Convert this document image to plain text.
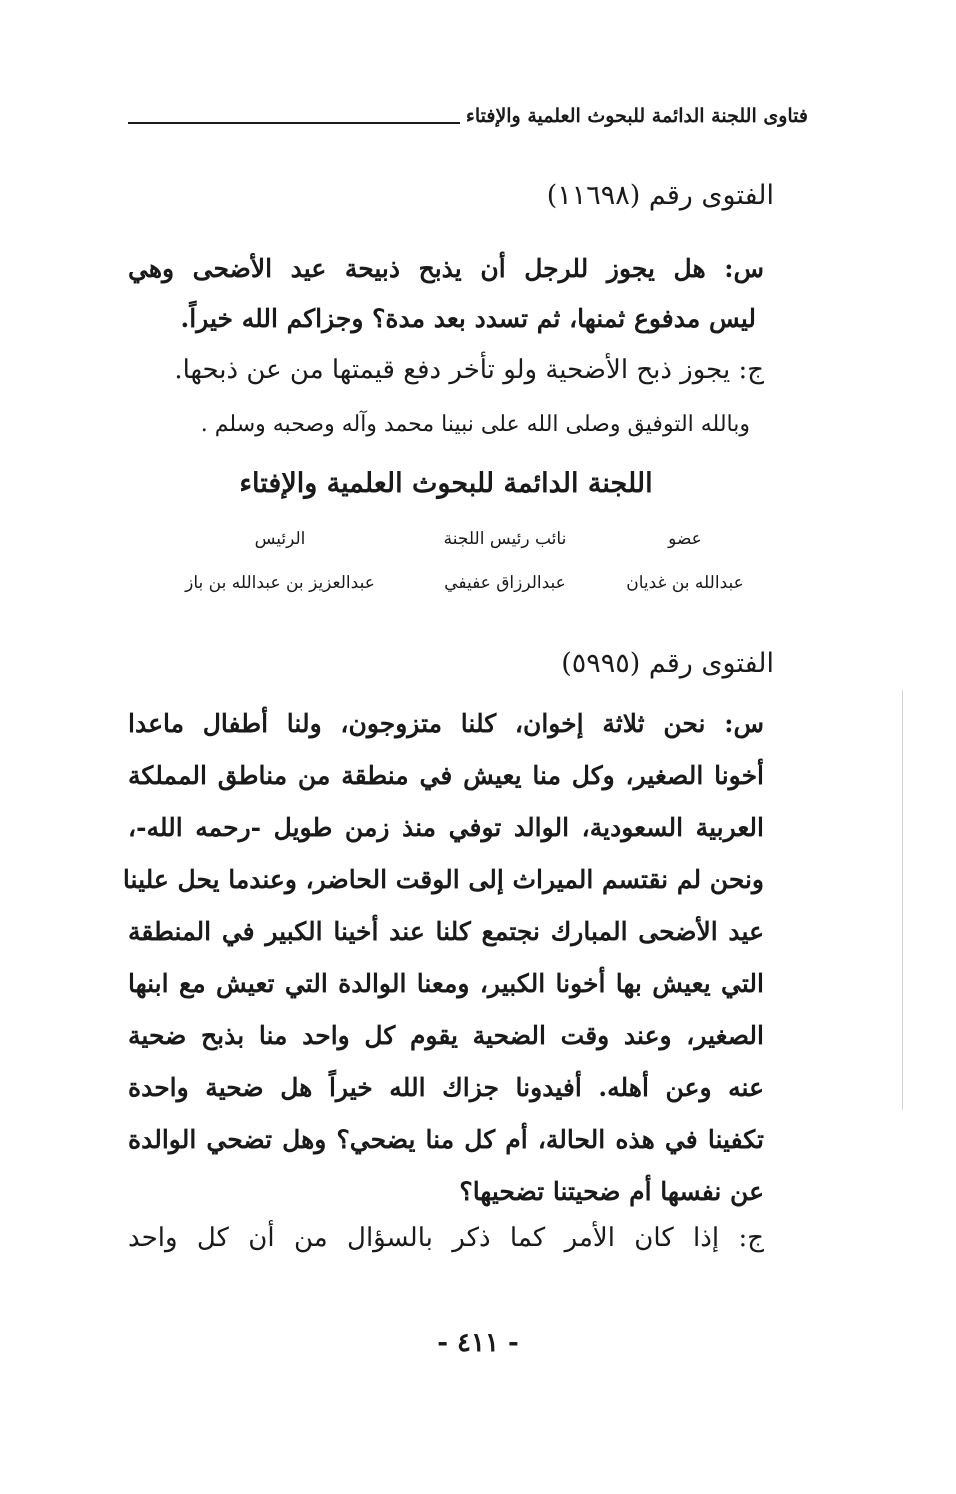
فتاوى اللجنة الدائمة للبحوث العلمية والإفتاء
الفتوى رقم (١١٦٩٨)

س: هل يجوز للرجل أن يذبح ذبيحة عيد الأضحى وهي

ليس مدفوع ثمنها، ثم تسدد بعد مدة؟ وجزاكم الله خيراً.

ج: يجوز ذبح الأضحية ولو تأخر دفع قيمتها من عن ذبحها.

وبالله التوفيق وصلى الله على نبينا محمد وآله وصحبه وسلم .

اللجنة الدائمة للبحوث العلمية والإفتاء
عضو
نائب رئيس اللجنة
الرئيس
عبدالله بن غديان
عبدالرزاق عفيفي
عبدالعزيز بن عبدالله بن باز
الفتوى رقم (٥٩٩٥)

س: نحن ثلاثة إخوان، كلنا متزوجون، ولنا أطفال ماعدا

أخونا الصغير، وكل منا يعيش في منطقة من مناطق المملكة

العربية السعودية، الوالد توفي منذ زمن طويل -رحمه الله-،

ونحن لم نقتسم الميراث إلى الوقت الحاضر، وعندما يحل علينا

عيد الأضحى المبارك نجتمع كلنا عند أخينا الكبير في المنطقة

التي يعيش بها أخونا الكبير، ومعنا الوالدة التي تعيش مع ابنها

الصغير، وعند وقت الضحية يقوم كل واحد منا بذبح ضحية

عنه وعن أهله. أفيدونا جزاك الله خيراً هل ضحية واحدة

تكفينا في هذه الحالة، أم كل منا يضحي؟ وهل تضحي الوالدة

عن نفسها أم ضحيتنا تضحيها؟

ج: إذا كان الأمر كما ذكر بالسؤال من أن كل واحد

- ٤١١ -
